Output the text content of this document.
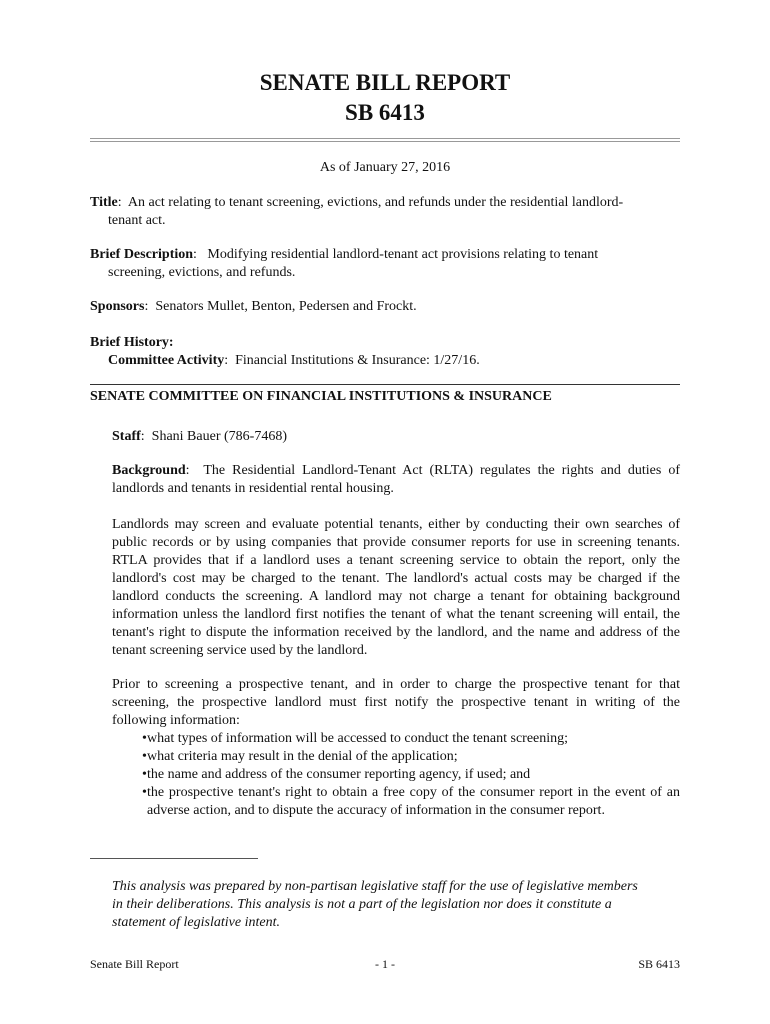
SENATE BILL REPORT
SB 6413
As of January 27, 2016
Title:  An act relating to tenant screening, evictions, and refunds under the residential landlord-
tenant act.
Brief Description:   Modifying residential landlord-tenant act provisions relating to tenant
screening, evictions, and refunds.
Sponsors:  Senators Mullet, Benton, Pedersen and Frockt.
Brief History:
Committee Activity:  Financial Institutions & Insurance: 1/27/16.
SENATE COMMITTEE ON FINANCIAL INSTITUTIONS & INSURANCE
Staff:  Shani Bauer (786-7468)
Background:  The Residential Landlord-Tenant Act (RLTA) regulates the rights and duties of landlords and tenants in residential rental housing.
Landlords may screen and evaluate potential tenants, either by conducting their own searches of public records or by using companies that provide consumer reports for use in screening tenants. RTLA provides that if a landlord uses a tenant screening service to obtain the report, only the landlord's cost may be charged to the tenant. The landlord's actual costs may be charged if the landlord conducts the screening. A landlord may not charge a tenant for obtaining background information unless the landlord first notifies the tenant of what the tenant screening will entail, the tenant's right to dispute the information received by the landlord, and the name and address of the tenant screening service used by the landlord.
Prior to screening a prospective tenant, and in order to charge the prospective tenant for that screening, the prospective landlord must first notify the prospective tenant in writing of the following information:
• what types of information will be accessed to conduct the tenant screening;
• what criteria may result in the denial of the application;
• the name and address of the consumer reporting agency, if used; and
• the prospective tenant's right to obtain a free copy of the consumer report in the event of an adverse action, and to dispute the accuracy of information in the consumer report.
This analysis was prepared by non-partisan legislative staff for the use of legislative members in their deliberations. This analysis is not a part of the legislation nor does it constitute a statement of legislative intent.
Senate Bill Report	- 1 -	SB 6413
